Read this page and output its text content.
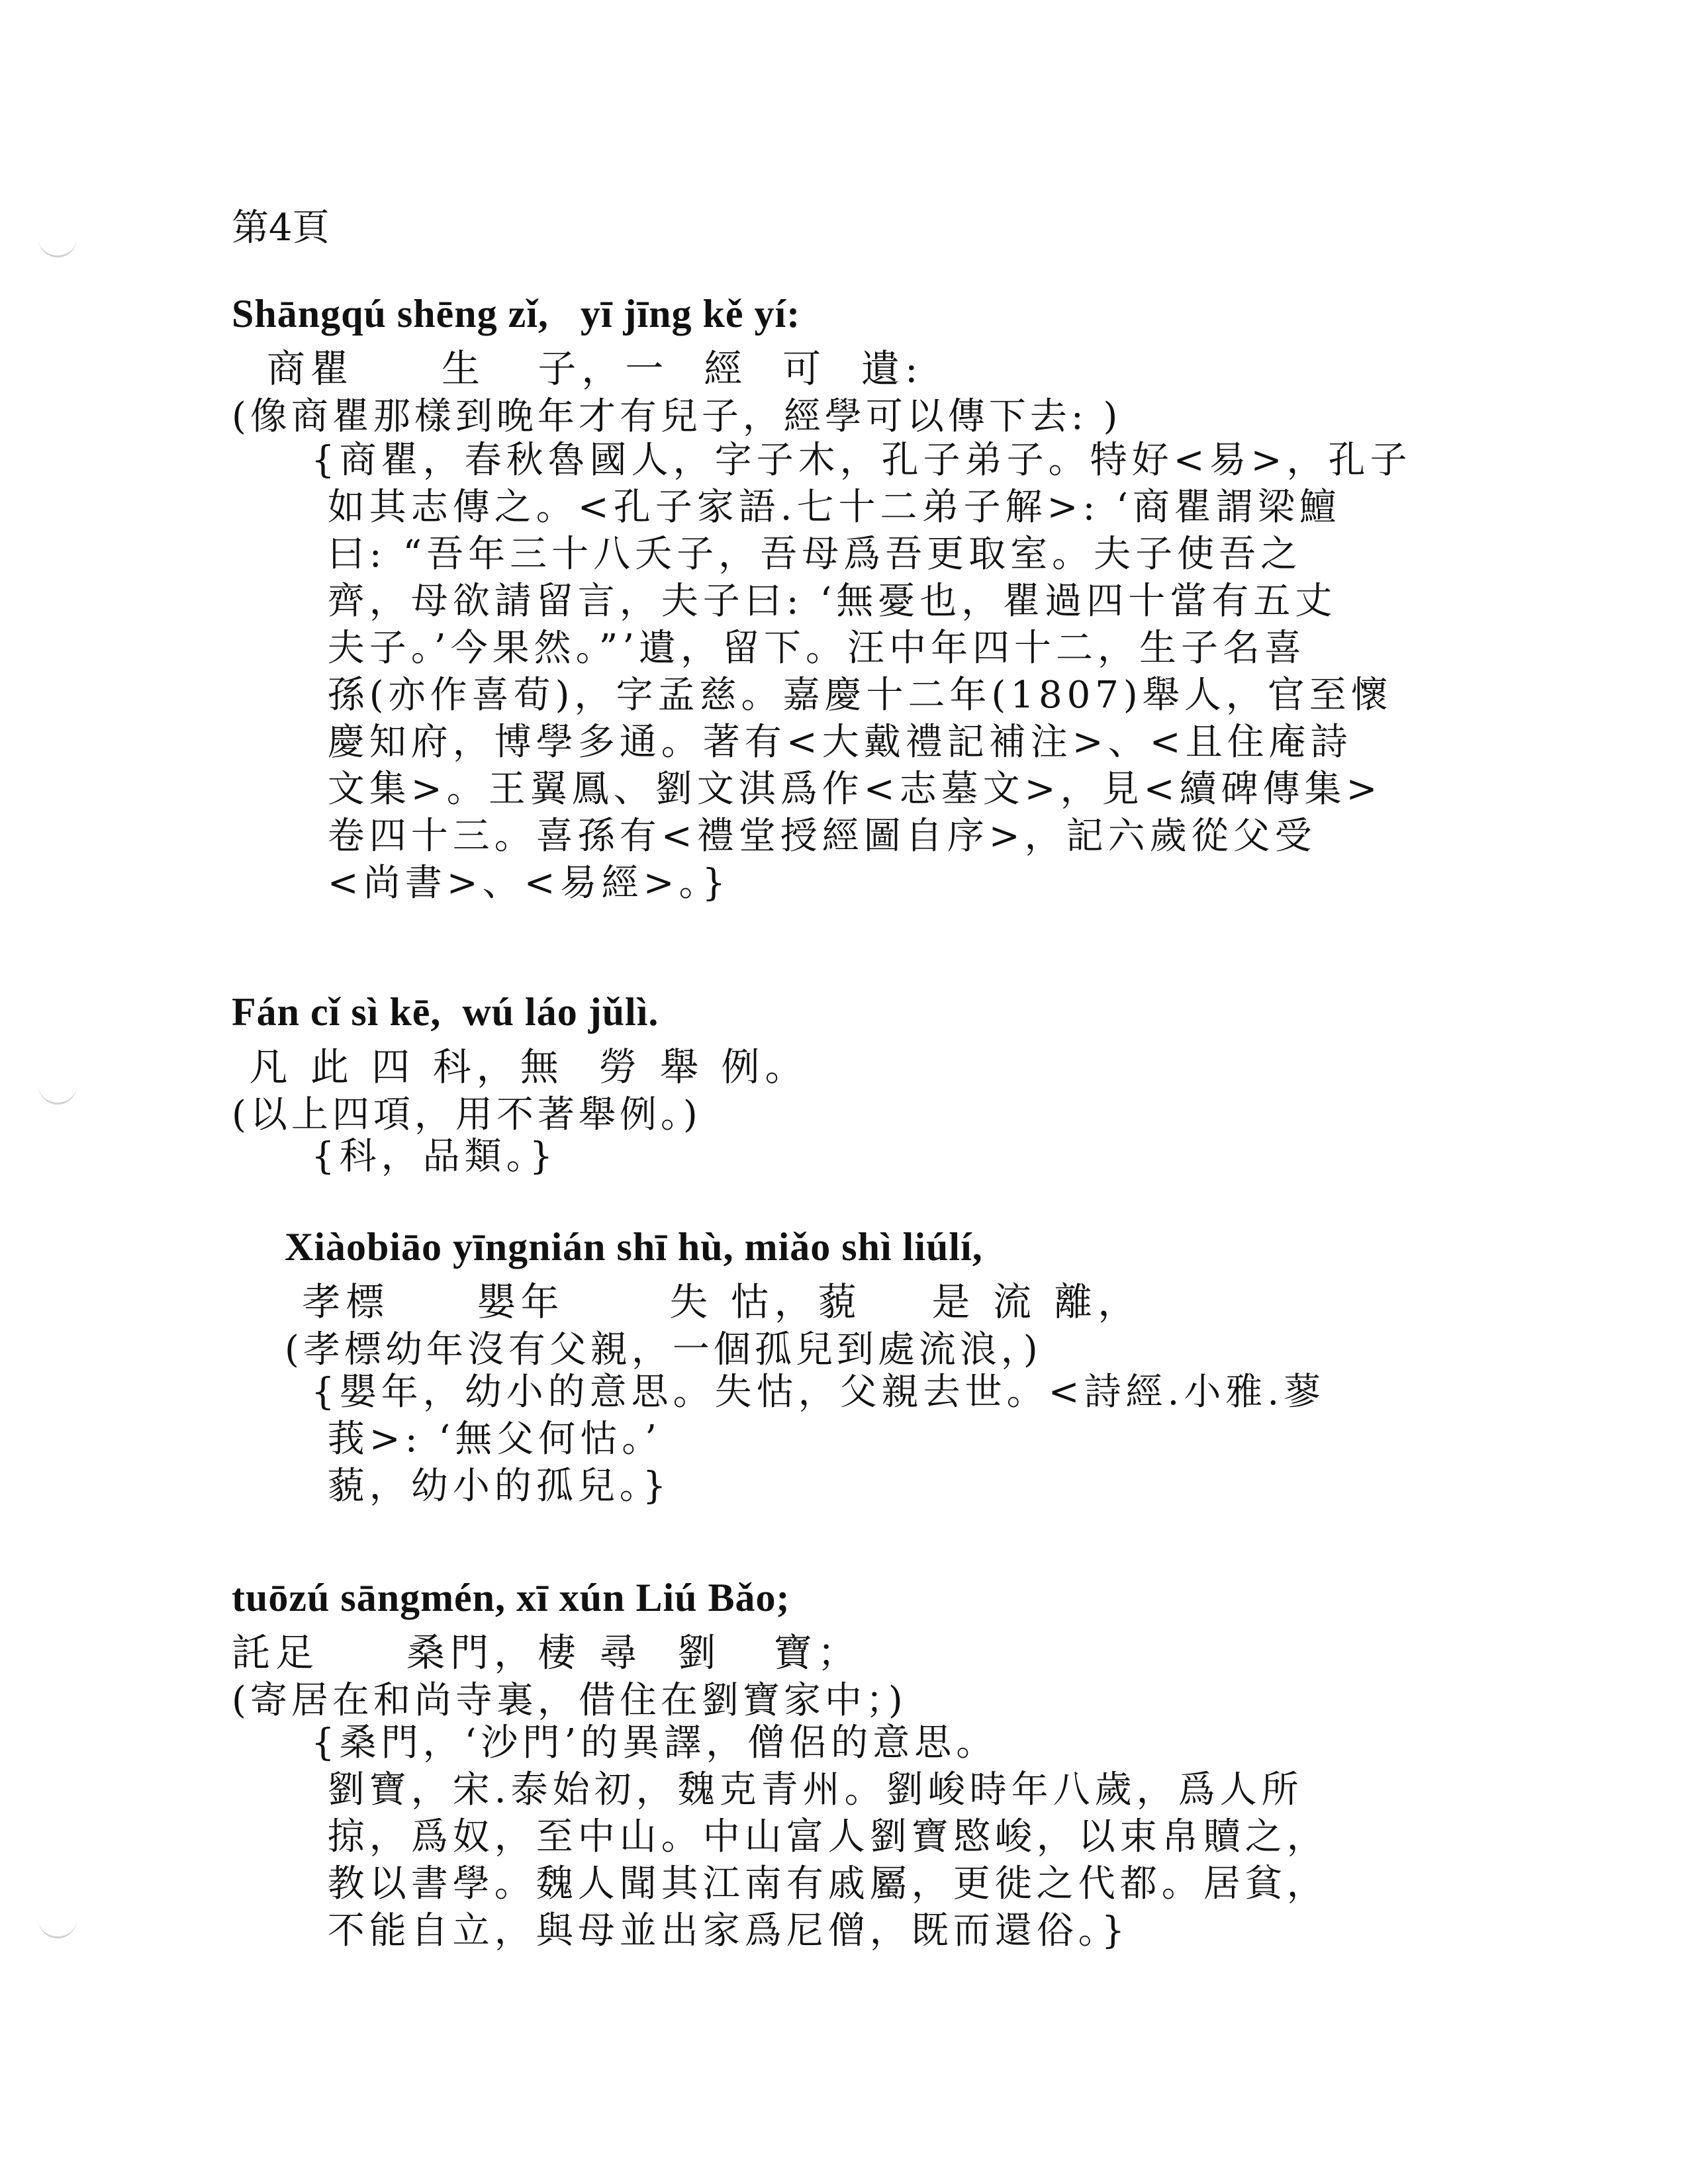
第4頁
Shāngqú shēng zǐ,   yī jīng kě yí:
商瞿     生   子，一  經  可  遺:
(像商瞿那樣到晚年才有兒子，經學可以傳下去: )
{商瞿，春秋魯國人，字子木，孔子弟子。特好<易>，孔子
如其志傳之。<孔子家語.七十二弟子解>: ‘商瞿謂梁鱣
曰: “吾年三十八夭子，吾母爲吾更取室。夫子使吾之
齊，母欲請留言，夫子曰: ‘無憂也，瞿過四十當有五丈
夫子。’今果然。”’遺，留下。汪中年四十二，生子名喜
孫(亦作喜荀)，字孟慈。嘉慶十二年(1807)舉人，官至懷
慶知府，博學多通。著有<大戴禮記補注>、<且住庵詩
文集>。王翼鳳、劉文淇爲作<志墓文>，見<續碑傳集>
卷四十三。喜孫有<禮堂授經圖自序>，記六歲從父受
<尚書>、<易經>。}
Fán cǐ sì kē,  wú láo jǔlì.
凡 此 四 科，無  勞 舉 例。
(以上四項，用不著舉例。)
{科，品類。}
Xiàobiāo yīngnián shī hù, miǎo shì liúlí,
孝標     嬰年      失 怙，藐    是 流 離，
(孝標幼年沒有父親，一個孤兒到處流浪，)
{嬰年，幼小的意思。失怙，父親去世。<詩經.小雅.蓼
莪>: ‘無父何怙。’
藐，幼小的孤兒。}
tuōzú sāngmén, xī xún Liú Bǎo;
託足     桑門，棲 尋  劉   寶；
(寄居在和尚寺裏，借住在劉寶家中；)
{桑門，‘沙門’的異譯，僧侶的意思。
劉寶，宋.泰始初，魏克青州。劉峻時年八歲，爲人所
掠，爲奴，至中山。中山富人劉寶愍峻，以束帛贖之，
教以書學。魏人聞其江南有戚屬，更徙之代都。居貧，
不能自立，與母並出家爲尼僧，既而還俗。}
